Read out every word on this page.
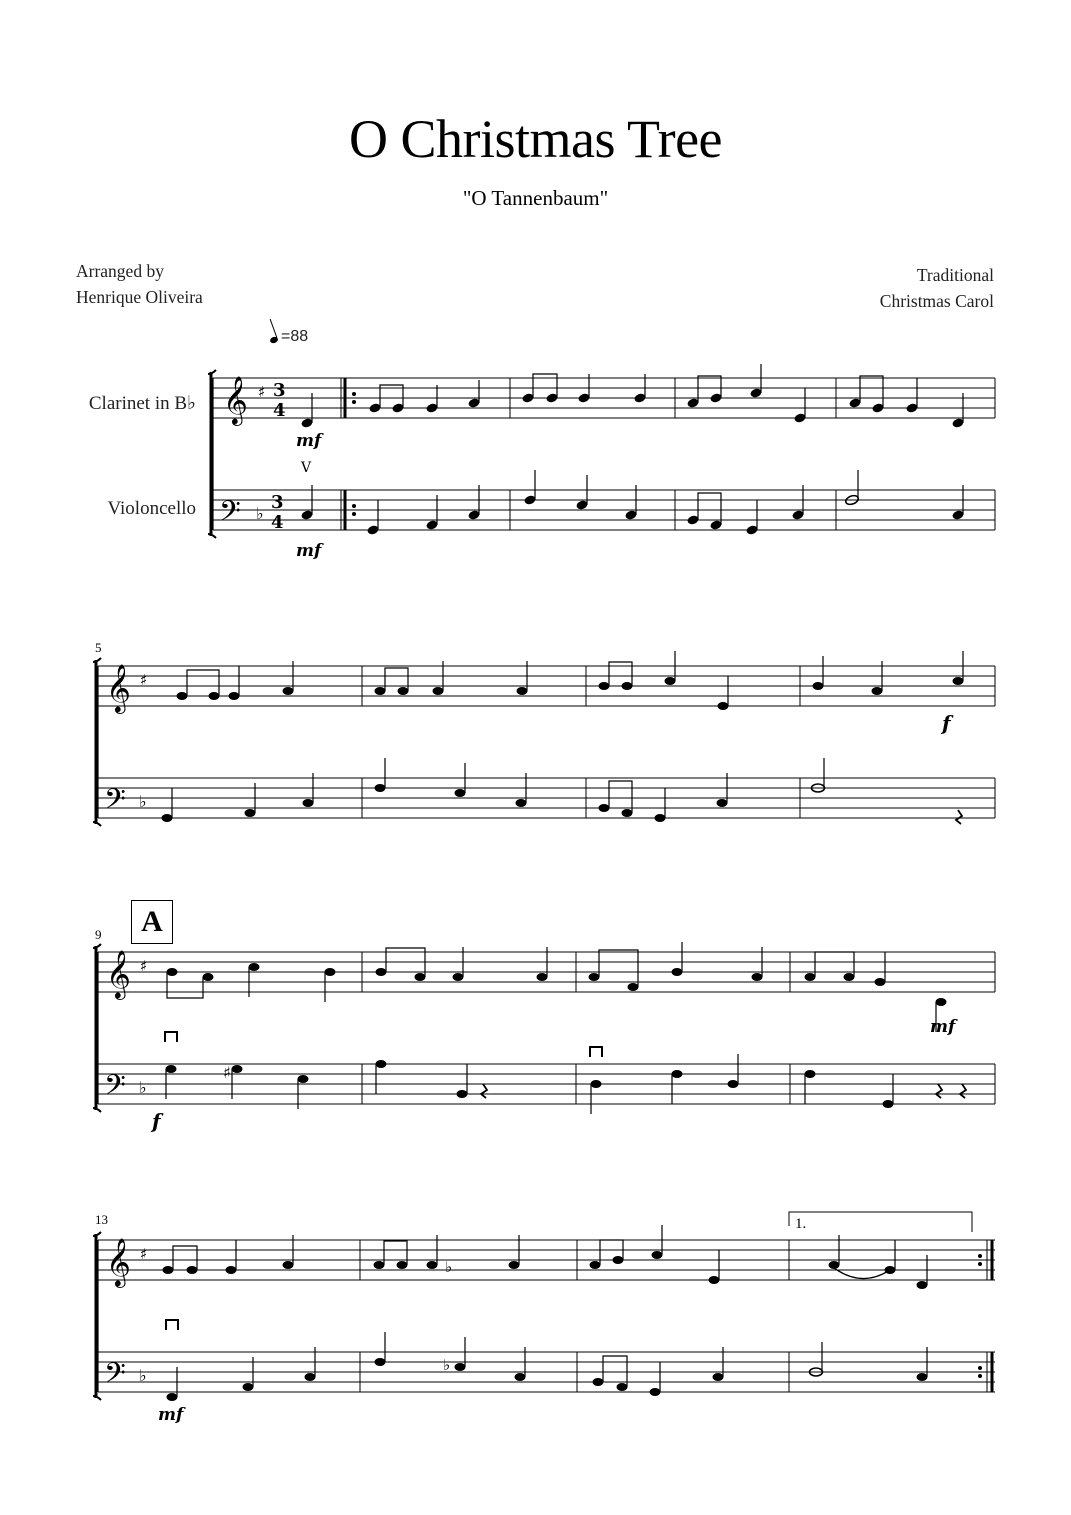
O Christmas Tree
"O Tannenbaum"
Arranged by
Henrique Oliveira
Traditional
Christmas Carol
=88
Clarinet in B♭
Violoncello
5
9
13
A
𝄞
𝄢
♯
♭
3
4
3
4
mf
mf
V
𝄞
𝄢
♯
♭
f
𝄞
𝄢
♯
♭
♯
f
mf
1.
𝄞
𝄢
♯
♭
♭
♭
mf
